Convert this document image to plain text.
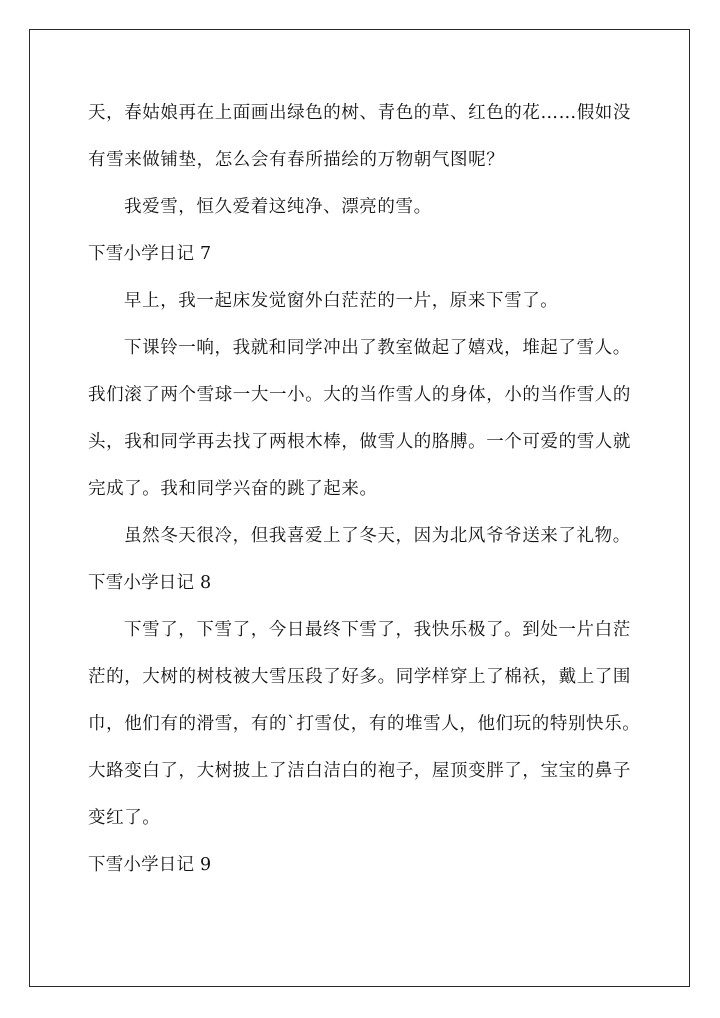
天，春姑娘再在上面画出绿色的树、青色的草、红色的花……假如没
有雪来做铺垫，怎么会有春所描绘的万物朝气图呢？
我爱雪，恒久爱着这纯净、漂亮的雪。
下雪小学日记 7
早上，我一起床发觉窗外白茫茫的一片，原来下雪了。
下课铃一响，我就和同学冲出了教室做起了嬉戏，堆起了雪人。
我们滚了两个雪球一大一小。大的当作雪人的身体，小的当作雪人的
头，我和同学再去找了两根木棒，做雪人的胳膊。一个可爱的雪人就
完成了。我和同学兴奋的跳了起来。
虽然冬天很冷，但我喜爱上了冬天，因为北风爷爷送来了礼物。
下雪小学日记 8
下雪了，下雪了，今日最终下雪了，我快乐极了。到处一片白茫
茫的，大树的树枝被大雪压段了好多。同学样穿上了棉袄，戴上了围
巾，他们有的滑雪，有的`打雪仗，有的堆雪人，他们玩的特别快乐。
大路变白了，大树披上了洁白洁白的袍子，屋顶变胖了，宝宝的鼻子
变红了。
下雪小学日记 9
